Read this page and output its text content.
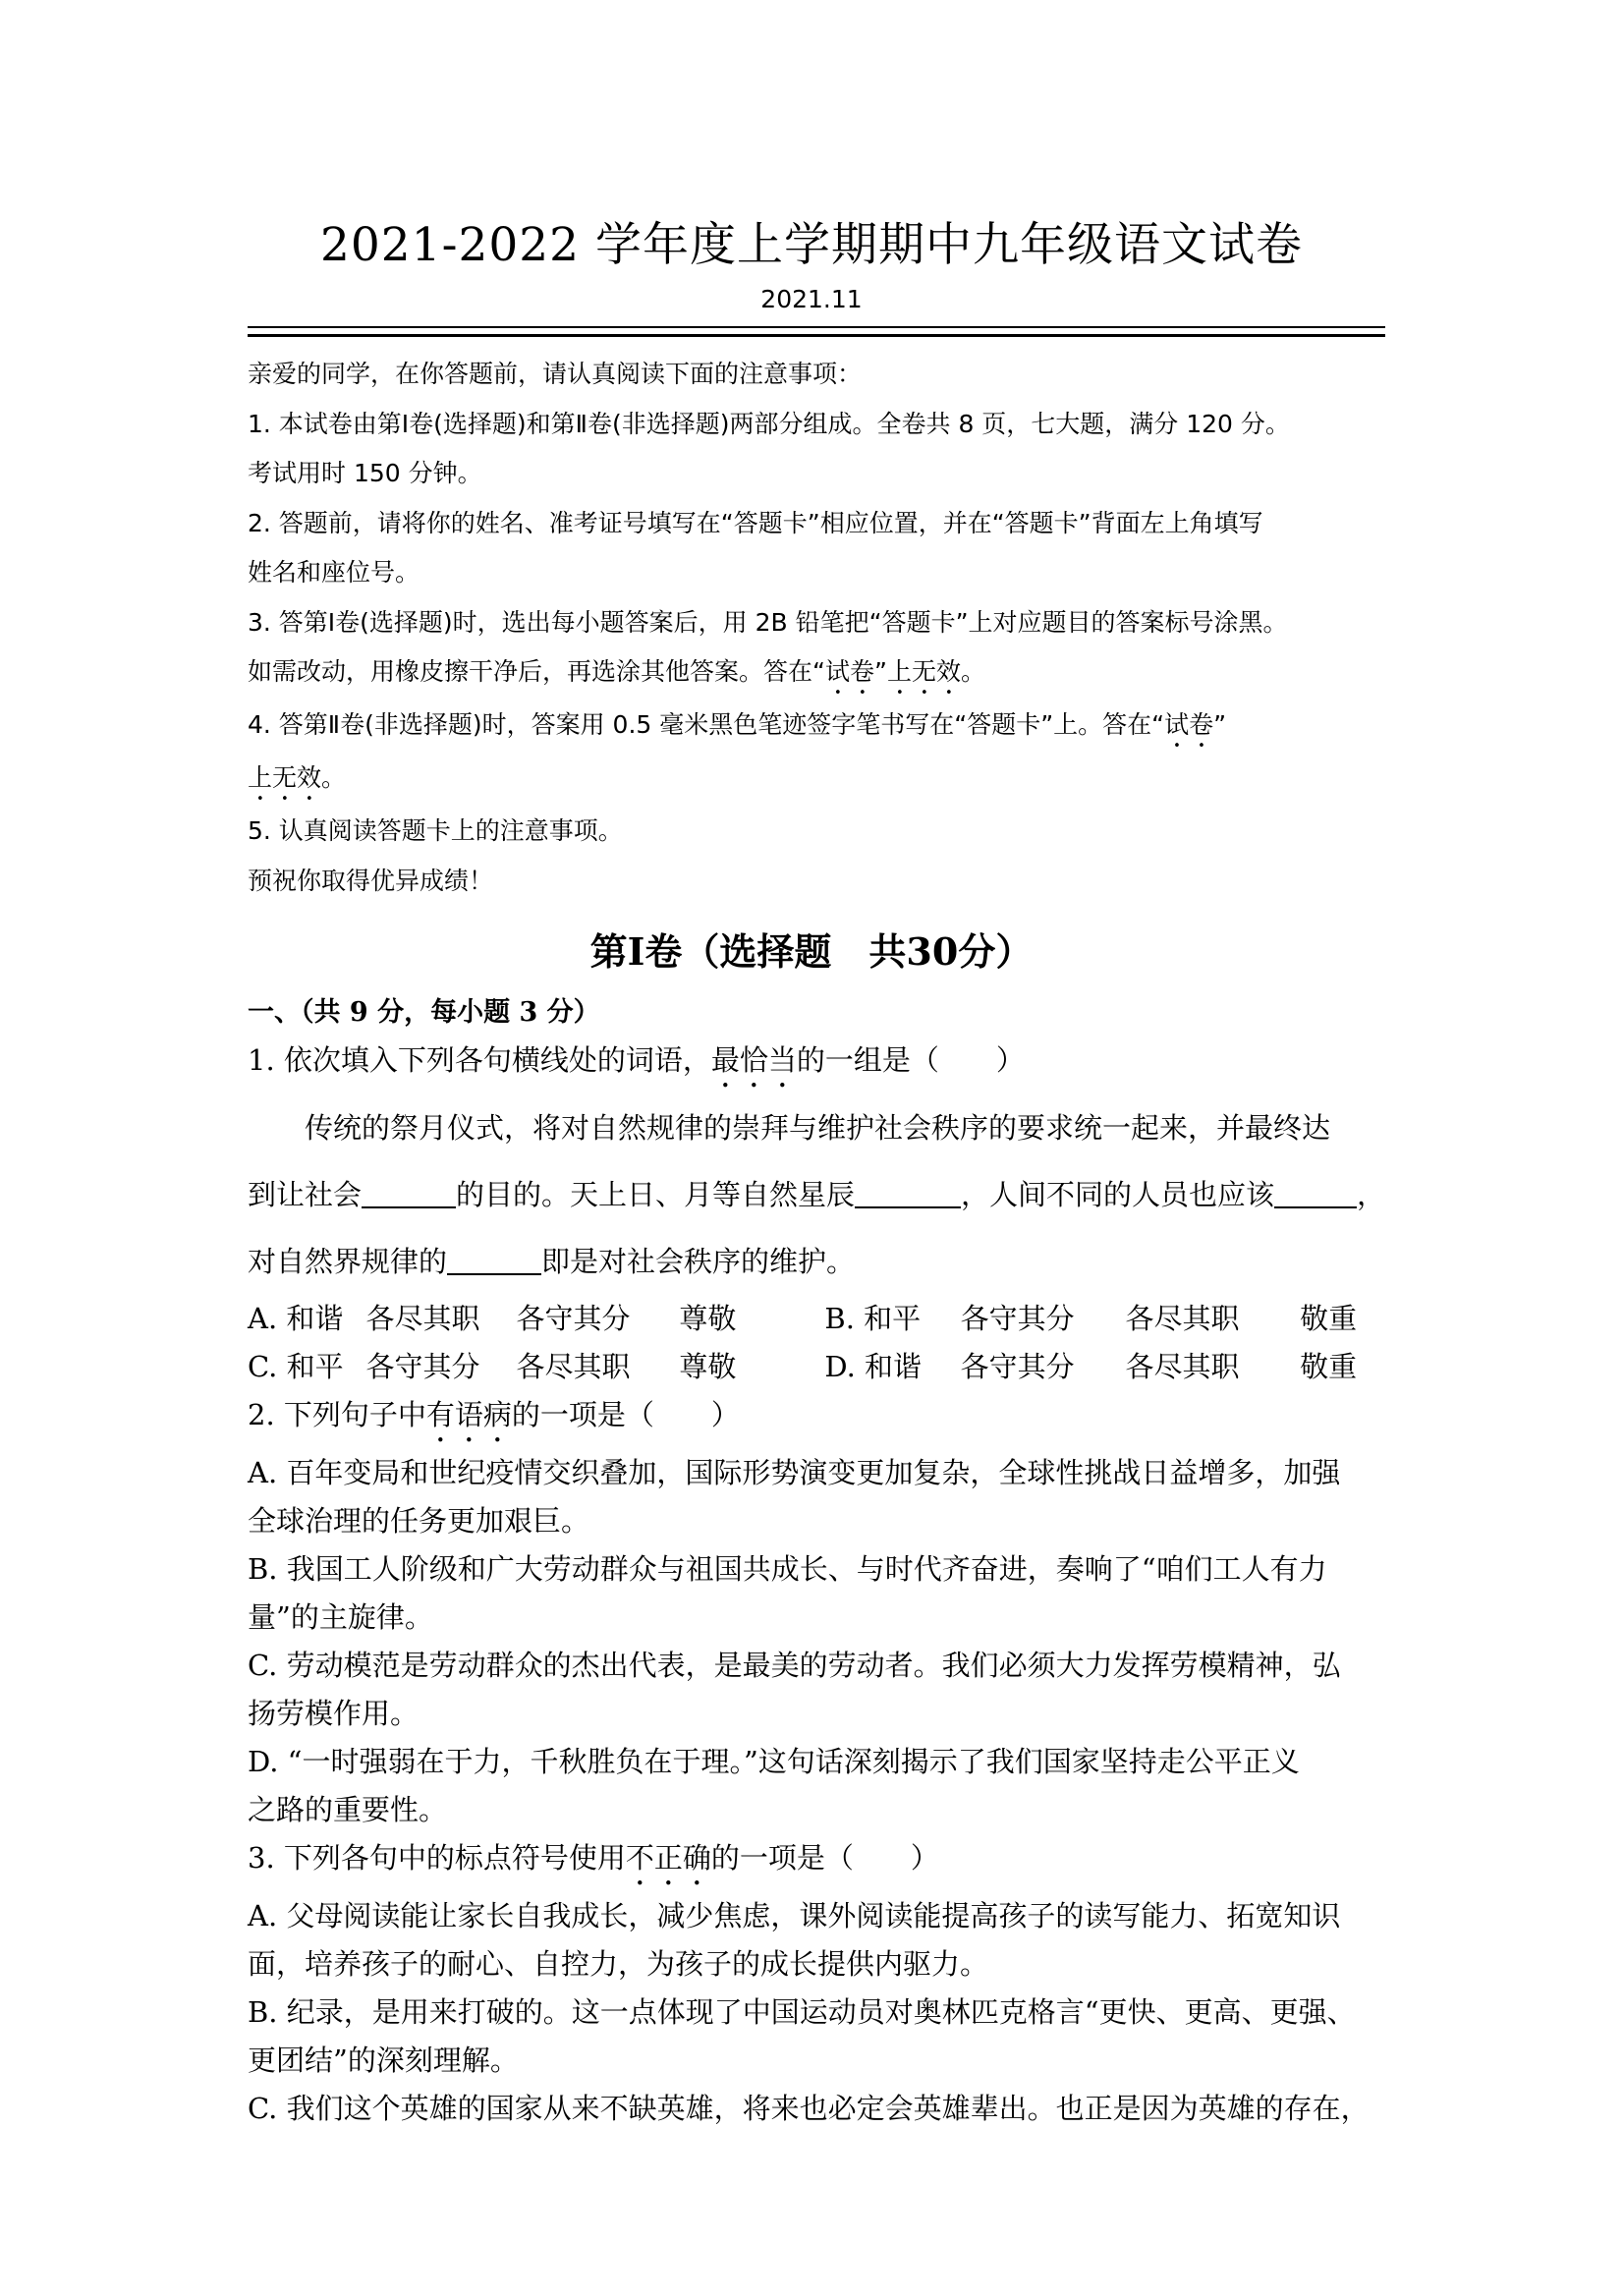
2021-2022 学年度上学期期中九年级语文试卷
2021.11

亲爱的同学，在你答题前，请认真阅读下面的注意事项：

1. 本试卷由第Ⅰ卷(选择题)和第Ⅱ卷(非选择题)两部分组成。全卷共 8 页，七大题，满分 120 分。

考试用时 150 分钟。

2. 答题前，请将你的姓名、准考证号填写在“答题卡”相应位置，并在“答题卡”背面左上角填写

姓名和座位号。

3. 答第Ⅰ卷(选择题)时，选出每小题答案后，用 2B 铅笔把“答题卡”上对应题目的答案标号涂黑。

如需改动，用橡皮擦干净后，再选涂其他答案。答在“试卷”上无效。

4. 答第Ⅱ卷(非选择题)时，答案用 0.5 毫米黑色笔迹签字笔书写在“答题卡”上。答在“试卷”

上无效。

5. 认真阅读答题卡上的注意事项。

预祝你取得优异成绩！

第Ⅰ卷（选择题　共30分）

一、（共 9 分，每小题 3 分）

1. 依次填入下列各句横线处的词语，最恰当的一组是（　　）

传统的祭月仪式，将对自然规律的崇拜与维护社会秩序的要求统一起来，并最终达

到让社会	的目的。天上日、月等自然星辰	，人间不同的人员也应该	，

对自然界规律的	即是对社会秩序的维护。

A. 和谐 各尽其职	各守其分	尊敬	B. 和平	各守其分	各尽其职	敬重

C. 和平 各守其分	各尽其职	尊敬	D. 和谐	各守其分	各尽其职	敬重

2. 下列句子中有语病的一项是（　　）

A. 百年变局和世纪疫情交织叠加，国际形势演变更加复杂，全球性挑战日益增多，加强

全球治理的任务更加艰巨。

B. 我国工人阶级和广大劳动群众与祖国共成长、与时代齐奋进，奏响了“咱们工人有力

量”的主旋律。

C. 劳动模范是劳动群众的杰出代表，是最美的劳动者。我们必须大力发挥劳模精神，弘

扬劳模作用。

D. “一时强弱在于力，千秋胜负在于理。”这句话深刻揭示了我们国家坚持走公平正义

之路的重要性。

3. 下列各句中的标点符号使用不正确的一项是（　　）

A. 父母阅读能让家长自我成长，减少焦虑，课外阅读能提高孩子的读写能力、拓宽知识

面，培养孩子的耐心、自控力，为孩子的成长提供内驱力。

B. 纪录，是用来打破的。这一点体现了中国运动员对奥林匹克格言“更快、更高、更强、

更团结”的深刻理解。

C. 我们这个英雄的国家从来不缺英雄，将来也必定会英雄辈出。也正是因为英雄的存在，
